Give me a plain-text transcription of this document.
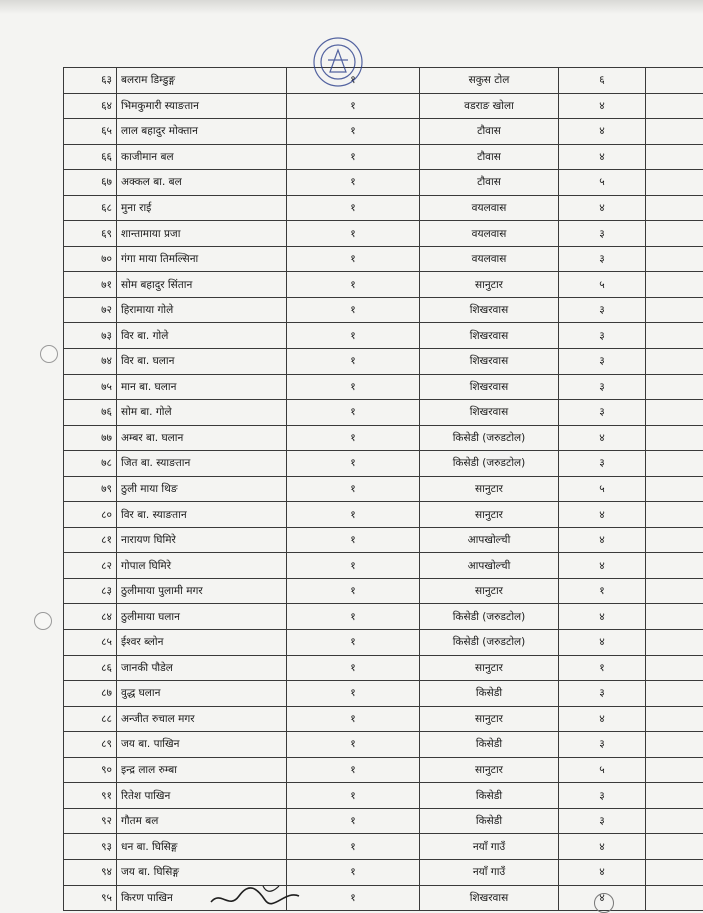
६३	बलराम डिम्डुङ्ग	१	सकुस टोल	६	
६४	भिमकुमारी स्याङतान	१	वडराङ खोला	४	
६५	लाल बहादुर मोक्तान	१	टौवास	४	
६६	काजीमान बल	१	टौवास	४	
६७	अक्कल बा. बल	१	टौवास	५	
६८	मुना राई	१	वयलवास	४	
६९	शान्तामाया प्रजा	१	वयलवास	३	
७०	गंगा माया तिमल्सिना	१	वयलवास	३	
७१	सोम बहादुर सिंतान	१	सानुटार	५	
७२	हिरामाया गोले	१	शिखरवास	३	
७३	विर बा. गोले	१	शिखरवास	३	
७४	विर बा. घलान	१	शिखरवास	३	
७५	मान बा. घलान	१	शिखरवास	३	
७६	सोम बा. गोले	१	शिखरवास	३	
७७	अम्बर बा. घलान	१	किसेडी (जरुडटोल)	४	
७८	जित बा. स्याङतान	१	किसेडी (जरुडटोल)	३	
७९	ठुली माया थिङ	१	सानुटार	५	
८०	विर बा. स्याङतान	१	सानुटार	४	
८१	नारायण घिमिरे	१	आपखोल्ची	४	
८२	गोपाल घिमिरे	१	आपखोल्ची	४	
८३	ठुलीमाया पुलामी मगर	१	सानुटार	१	
८४	ठुलीमाया घलान	१	किसेडी (जरुडटोल)	४	
८५	ईश्वर ब्लोन	१	किसेडी (जरुडटोल)	४	
८६	जानकी पौडेल	१	सानुटार	१	
८७	वुद्ध घलान	१	किसेडी	३	
८८	अन्जीत रुचाल मगर	१	सानुटार	४	
८९	जय बा. पाखिन	१	किसेडी	३	
९०	इन्द्र लाल रुम्बा	१	सानुटार	५	
९१	रितेश पाखिन	१	किसेडी	३	
९२	गौतम बल	१	किसेडी	३	
९३	धन बा. घिसिङ्ग	१	नयाँ गाउँ	४	
९४	जय बा. घिसिङ्ग	१	नयाँ गाउँ	४	
९५	किरण पाखिन	१	शिखरवास	४	
